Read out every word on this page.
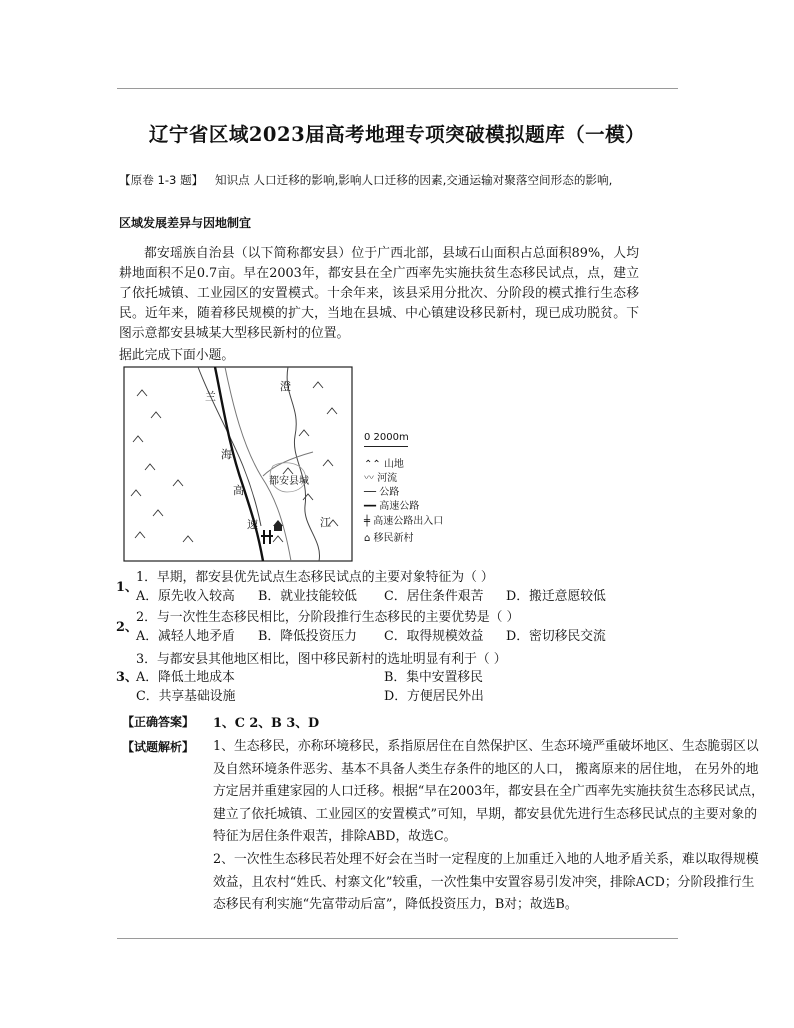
辽宁省区域2023届高考地理专项突破模拟题库（一模）
【原卷 1-3 题】 知识点 人口迁移的影响,影响人口迁移的因素,交通运输对聚落空间形态的影响,
区域发展差异与因地制宜
都安瑶族自治县（以下简称都安县）位于广西北部，县域石山面积占总面积89%，人均耕地面积不足0.7亩。早在2003年，都安县在全广西率先实施扶贫生态移民试点，点，建立了依托城镇、工业园区的安置模式。十余年来，该县采用分批次、分阶段的模式推行生态移民。近年来，随着移民规模的扩大，当地在县城、中心镇建设移民新村，现已成功脱贫。下图示意都安县城某大型移民新村的位置。
据此完成下面小题。
兰
海
高
速
澄
江
都安县城
0 2000m
⌃⌃ 山地
〰 河流
── 公路
━━ 高速公路
╪ 高速公路出入口
⌂ 移民新村
1．早期，都安县优先试点生态移民试点的主要对象特征为（ ）
1、
A．原先收入较高 B．就业技能较低 C．居住条件艰苦 D．搬迁意愿较低
2．与一次性生态移民相比，分阶段推行生态移民的主要优势是（ ）
2、
A．减轻人地矛盾 B．降低投资压力 C．取得规模效益 D．密切移民交流
3．与都安县其他地区相比，图中移民新村的选址明显有利于（ ）
3、
A．降低土地成本	B．集中安置移民
C．共享基础设施	D．方便居民外出
【正确答案】 1、C 2、B 3、D
【试题解析】 1、生态移民，亦称环境移民，系指原居住在自然保护区、生态环境严重破坏地区、生态脆弱区以及自然环境条件恶劣、基本不具备人类生存条件的地区的人口， 搬离原来的居住地， 在另外的地方定居并重建家园的人口迁移。根据“早在2003年，都安县在全广西率先实施扶贫生态移民试点，建立了依托城镇、工业园区的安置模式”可知，早期，都安县优先进行生态移民试点的主要对象的特征为居住条件艰苦，排除ABD，故选C。

2、一次性生态移民若处理不好会在当时一定程度的上加重迁入地的人地矛盾关系，难以取得规模效益，且农村“姓氏、村寨文化”较重，一次性集中安置容易引发冲突，排除ACD；分阶段推行生态移民有利实施“先富带动后富”，降低投资压力，B对；故选B。
